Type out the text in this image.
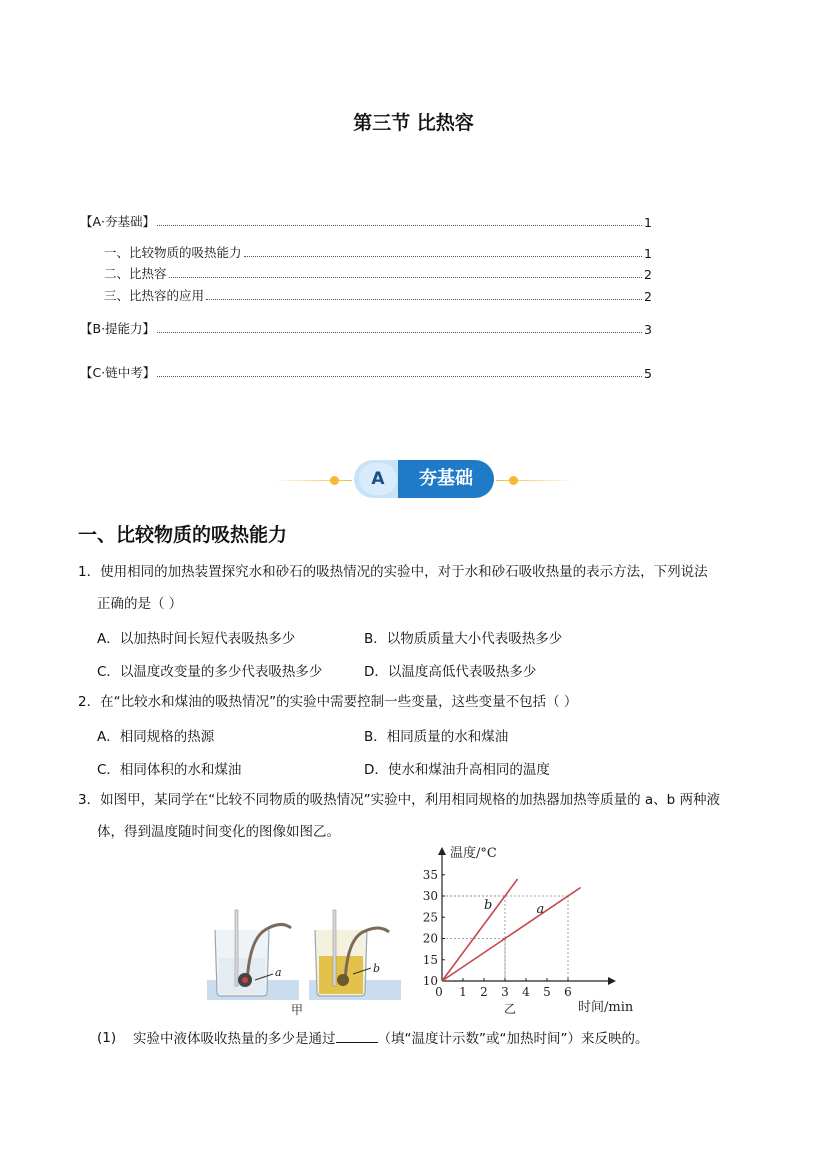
第三节 比热容
【A·夯基础】	1
一、比较物质的吸热能力	1
二、比热容	2
三、比热容的应用	2
【B·提能力】	3
【C·链中考】	5
A	夯基础
一、比较物质的吸热能力
1．使用相同的加热装置探究水和砂石的吸热情况的实验中，对于水和砂石吸收热量的表示方法，下列说法
正确的是（ ）
A．以加热时间长短代表吸热多少	B．以物质质量大小代表吸热多少
C．以温度改变量的多少代表吸热多少	D．以温度高低代表吸热多少
2．在“比较水和煤油的吸热情况”的实验中需要控制一些变量，这些变量不包括（ ）
A．相同规格的热源	B．相同质量的水和煤油
C．相同体积的水和煤油	D．使水和煤油升高相同的温度
3．如图甲，某同学在“比较不同物质的吸热情况”实验中，利用相同规格的加热器加热等质量的 a、b 两种液
体，得到温度随时间变化的图像如图乙。
a	b
甲
0 1 2 3 4 5 6
10
15
20
25
30
35
a
b
温度/°C
时间/min
乙
(1) 实验中液体吸收热量的多少是通过	（填“温度计示数”或“加热时间”）来反映的。
